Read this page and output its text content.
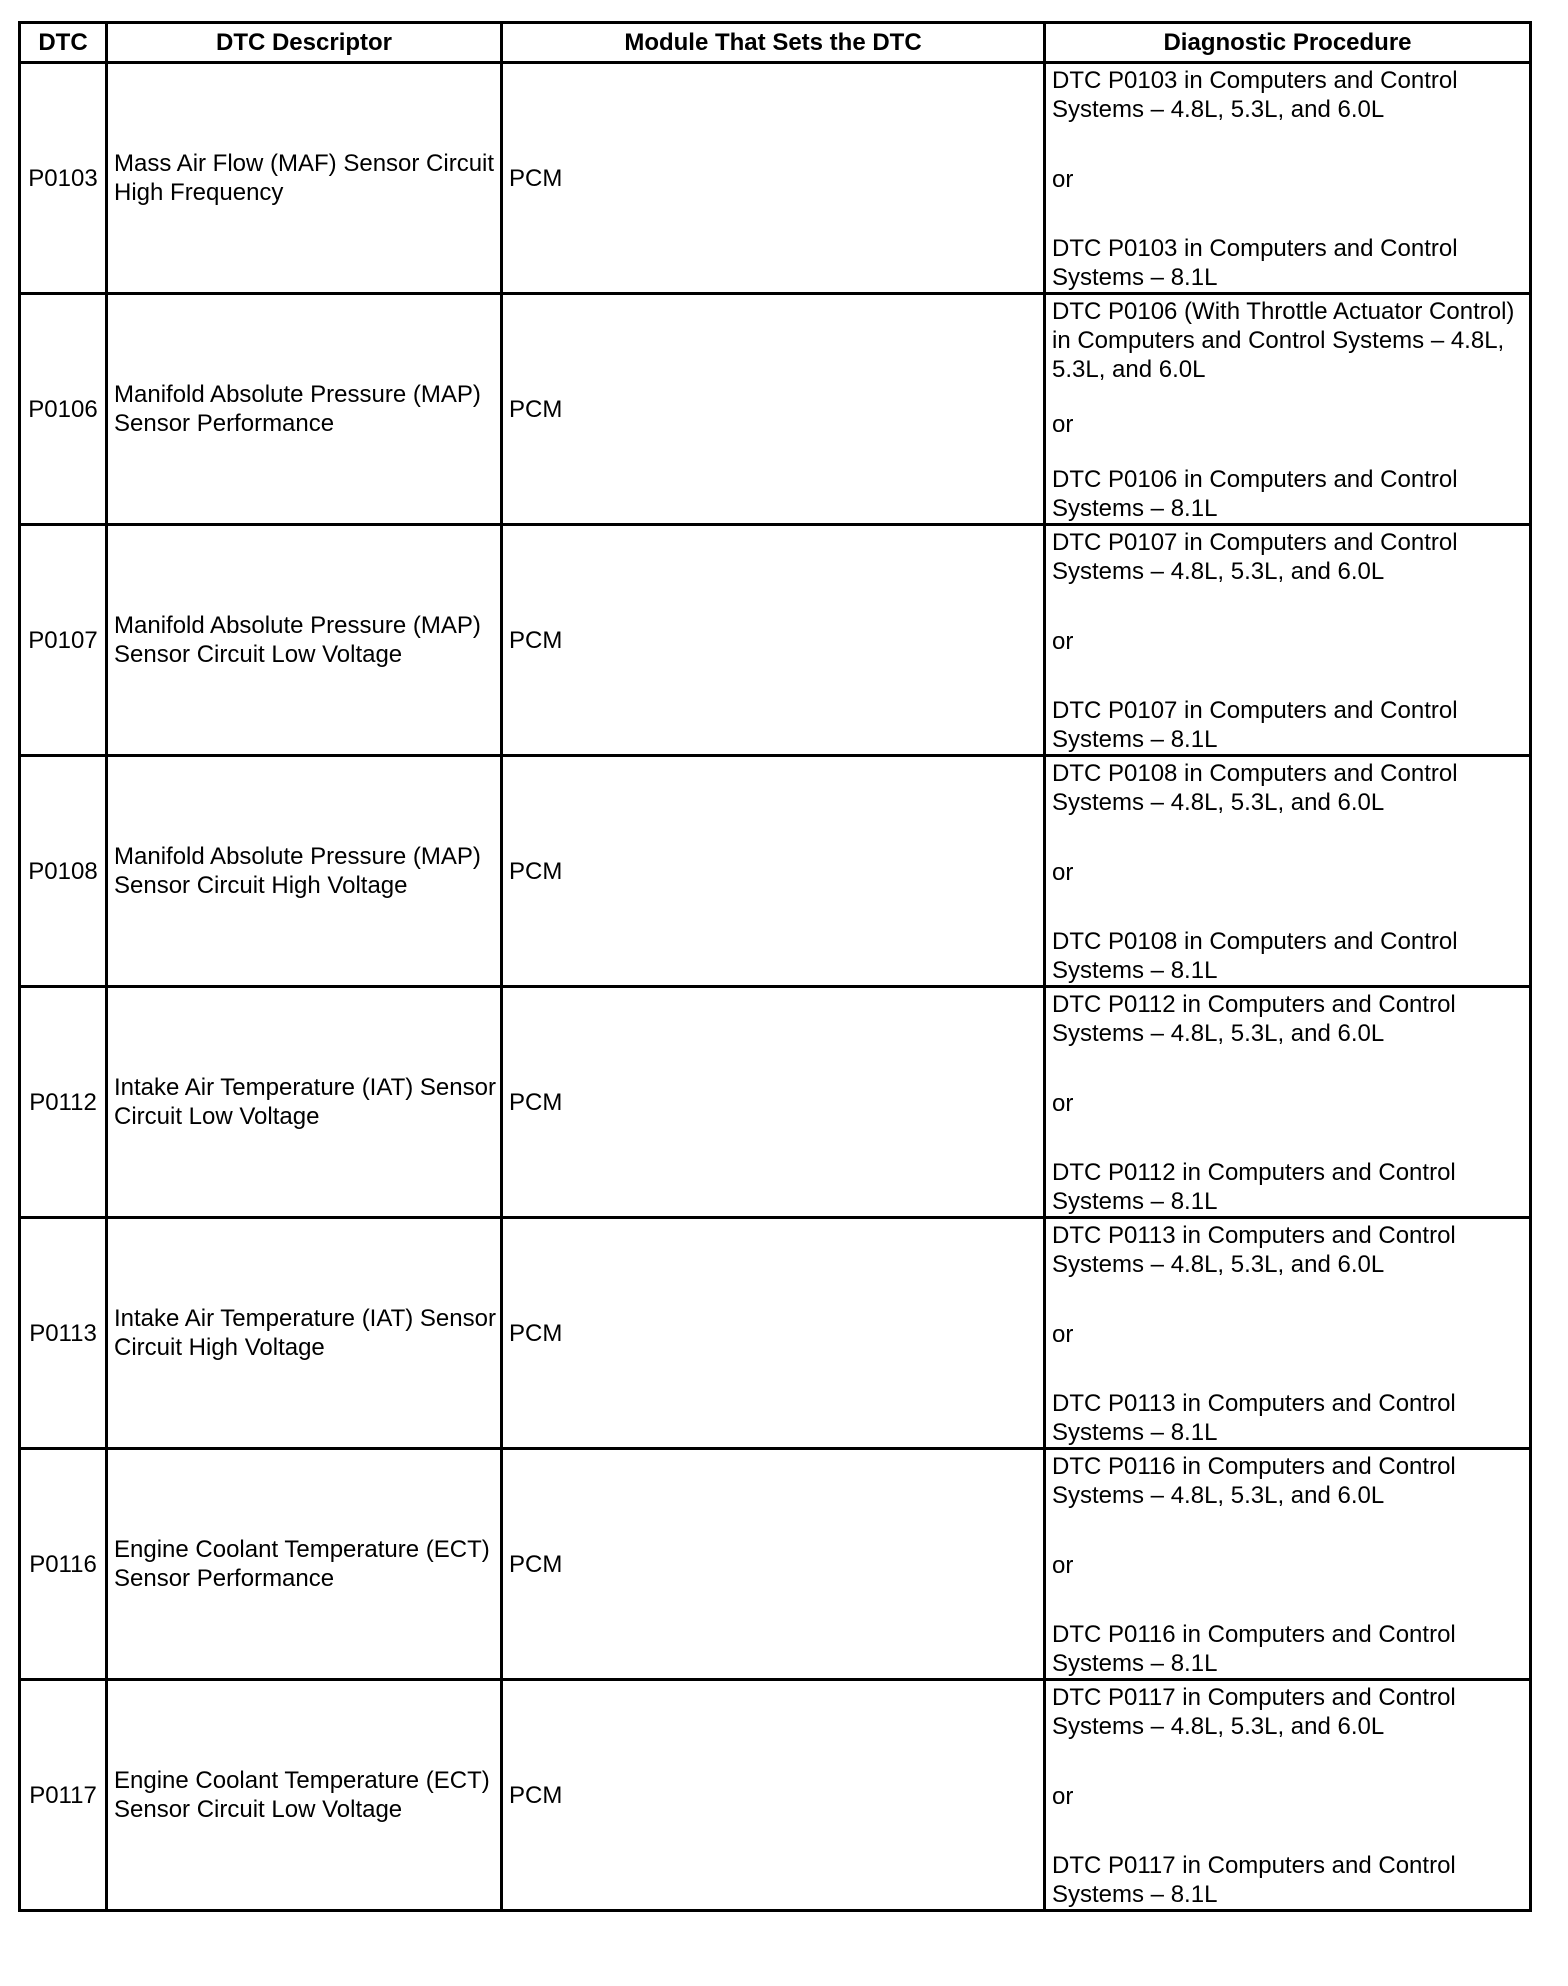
DTC	DTC Descriptor	Module That Sets the DTC	Diagnostic Procedure
P0103	Mass Air Flow (MAF) Sensor Circuit High Frequency	PCM	DTC P0103 in Computers and Control Systems – 4.8L, 5.3L, and 6.0L
or
DTC P0103 in Computers and Control Systems – 8.1L

P0106	Manifold Absolute Pressure (MAP) Sensor Performance	PCM	DTC P0106 (With Throttle Actuator Control) in Computers and Control Systems – 4.8L, 5.3L, and 6.0L
or
DTC P0106 in Computers and Control Systems – 8.1L

P0107	Manifold Absolute Pressure (MAP) Sensor Circuit Low Voltage	PCM	DTC P0107 in Computers and Control Systems – 4.8L, 5.3L, and 6.0L
or
DTC P0107 in Computers and Control Systems – 8.1L

P0108	Manifold Absolute Pressure (MAP) Sensor Circuit High Voltage	PCM	DTC P0108 in Computers and Control Systems – 4.8L, 5.3L, and 6.0L
or
DTC P0108 in Computers and Control Systems – 8.1L

P0112	Intake Air Temperature (IAT) Sensor Circuit Low Voltage	PCM	DTC P0112 in Computers and Control Systems – 4.8L, 5.3L, and 6.0L
or
DTC P0112 in Computers and Control Systems – 8.1L

P0113	Intake Air Temperature (IAT) Sensor Circuit High Voltage	PCM	DTC P0113 in Computers and Control Systems – 4.8L, 5.3L, and 6.0L
or
DTC P0113 in Computers and Control Systems – 8.1L

P0116	Engine Coolant Temperature (ECT) Sensor Performance	PCM	DTC P0116 in Computers and Control Systems – 4.8L, 5.3L, and 6.0L
or
DTC P0116 in Computers and Control Systems – 8.1L

P0117	Engine Coolant Temperature (ECT) Sensor Circuit Low Voltage	PCM	DTC P0117 in Computers and Control Systems – 4.8L, 5.3L, and 6.0L
or
DTC P0117 in Computers and Control Systems – 8.1L
